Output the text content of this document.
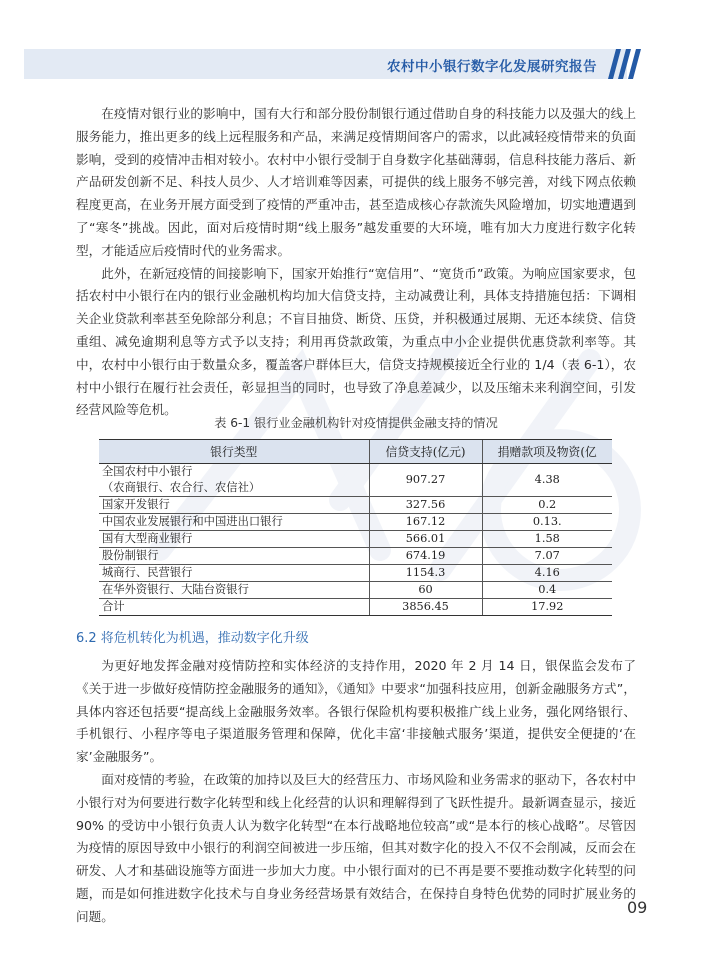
农村中小银行数字化发展研究报告

在疫情对银行业的影响中，国有大行和部分股份制银行通过借助自身的科技能力以及强大的线上服务能力，推出更多的线上远程服务和产品，来满足疫情期间客户的需求，以此减轻疫情带来的负面影响，受到的疫情冲击相对较小。农村中小银行受制于自身数字化基础薄弱，信息科技能力落后、新产品研发创新不足、科技人员少、人才培训难等因素，可提供的线上服务不够完善，对线下网点依赖程度更高，在业务开展方面受到了疫情的严重冲击，甚至造成核心存款流失风险增加，切实地遭遇到了“寒冬”挑战。因此，面对后疫情时期“线上服务”越发重要的大环境，唯有加大力度进行数字化转型，才能适应后疫情时代的业务需求。

此外，在新冠疫情的间接影响下，国家开始推行“宽信用”、“宽货币”政策。为响应国家要求，包括农村中小银行在内的银行业金融机构均加大信贷支持，主动减费让利，具体支持措施包括：下调相关企业贷款利率甚至免除部分利息；不盲目抽贷、断贷、压贷，并积极通过展期、无还本续贷、信贷重组、减免逾期利息等方式予以支持；利用再贷款政策，为重点中小企业提供优惠贷款利率等。其中，农村中小银行由于数量众多，覆盖客户群体巨大，信贷支持规模接近全行业的 1/4（表 6-1），农村中小银行在履行社会责任，彰显担当的同时，也导致了净息差减少，以及压缩未来利润空间，引发经营风险等危机。

表 6-1 银行业金融机构针对疫情提供金融支持的情况
银行类型	信贷支持(亿元)	捐赠款项及物资(亿
全国农村中小银行
（农商银行、农合行、农信社）	907.27	4.38
国家开发银行	327.56	0.2
中国农业发展银行和中国进出口银行	167.12	0.13.
国有大型商业银行	566.01	1.58
股份制银行	674.19	7.07
城商行、民营银行	1154.3	4.16
在华外资银行、大陆台资银行	60	0.4
合计	3856.45	17.92
6.2 将危机转化为机遇，推动数字化升级

为更好地发挥金融对疫情防控和实体经济的支持作用，2020 年 2 月 14 日，银保监会发布了《关于进一步做好疫情防控金融服务的通知》，《通知》中要求“加强科技应用，创新金融服务方式”，具体内容还包括要“提高线上金融服务效率。各银行保险机构要积极推广线上业务，强化网络银行、手机银行、小程序等电子渠道服务管理和保障，优化丰富‘非接触式服务’渠道，提供安全便捷的‘在家’金融服务”。

面对疫情的考验，在政策的加持以及巨大的经营压力、市场风险和业务需求的驱动下，各农村中小银行对为何要进行数字化转型和线上化经营的认识和理解得到了飞跃性提升。最新调查显示，接近 90% 的受访中小银行负责人认为数字化转型“在本行战略地位较高”或“是本行的核心战略”。尽管因为疫情的原因导致中小银行的利润空间被进一步压缩，但其对数字化的投入不仅不会削减，反而会在研发、人才和基础设施等方面进一步加大力度。中小银行面对的已不再是要不要推动数字化转型的问题，而是如何推进数字化技术与自身业务经营场景有效结合，在保持自身特色优势的同时扩展业务的问题。	09
